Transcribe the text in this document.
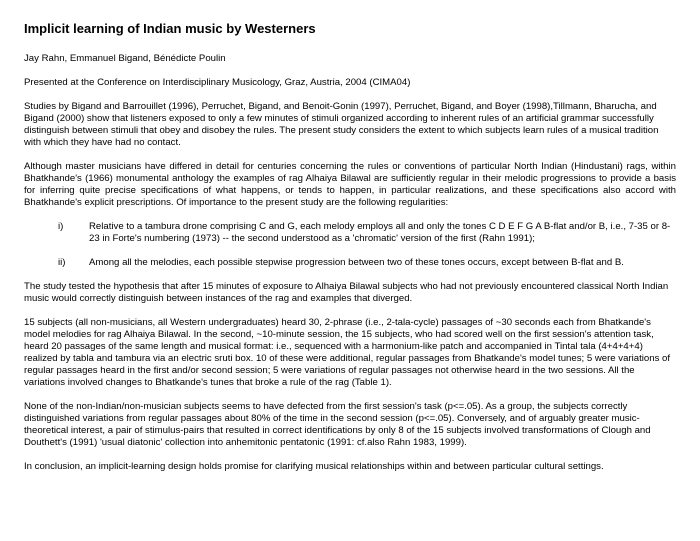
Implicit learning of Indian music by Westerners

Jay Rahn, Emmanuel Bigand, Bénédicte Poulin

Presented at the Conference on Interdisciplinary Musicology, Graz, Austria, 2004 (CIMA04)

Studies by Bigand and Barrouillet (1996), Perruchet, Bigand, and Benoit-Gonin (1997), Perruchet, Bigand, and Boyer (1998),Tillmann, Bharucha, and Bigand (2000) show that listeners exposed to only a few minutes of stimuli organized according to inherent rules of an artificial grammar successfully distinguish between stimuli that obey and disobey the rules. The present study considers the extent to which subjects learn rules of a musical tradition with which they have had no contact.

Although master musicians have differed in detail for centuries concerning the rules or conventions of particular North Indian (Hindustani) rags, within Bhatkhande's (1966) monumental anthology the examples of rag Alhaiya Bilawal are sufficiently regular in their melodic progressions to provide a basis for inferring quite precise specifications of what happens, or tends to happen, in particular realizations, and these specifications also accord with Bhatkhande's explicit prescriptions. Of importance to the present study are the following regularities:

i)	Relative to a tambura drone comprising C and G, each melody employs all and only the tones C D E F G A B-flat and/or B, i.e., 7-35 or 8-23 in Forte's numbering (1973) -- the second understood as a 'chromatic' version of the first (Rahn 1991);
ii)	Among all the melodies, each possible stepwise progression between two of these tones occurs, except between B-flat and B.

The study tested the hypothesis that after 15 minutes of exposure to Alhaiya Bilawal subjects who had not previously encountered classical North Indian music would correctly distinguish between instances of the rag and examples that diverged.

15 subjects (all non-musicians, all Western undergraduates) heard 30, 2-phrase (i.e., 2-tala-cycle) passages of ~30 seconds each from Bhatkande's model melodies for rag Alhaiya Bilawal. In the second, ~10-minute session, the 15 subjects, who had scored well on the first session's attention task, heard 20 passages of the same length and musical format: i.e., sequenced with a harmonium-like patch and accompanied in Tintal tala (4+4+4+4) realized by tabla and tambura via an electric sruti box. 10 of these were additional, regular passages from Bhatkande's model tunes; 5 were variations of regular passages heard in the first and/or second session; 5 were variations of regular passages not otherwise heard in the two sessions. All the variations involved changes to Bhatkande's tunes that broke a rule of the rag (Table 1).

None of the non-Indian/non-musician subjects seems to have defected from the first session's task (p<=.05). As a group, the subjects correctly distinguished variations from regular passages about 80% of the time in the second session (p<=.05). Conversely, and of arguably greater music-theoretical interest, a pair of stimulus-pairs that resulted in correct identifications by only 8 of the 15 subjects involved transformations of Clough and Douthett's (1991) 'usual diatonic' collection into anhemitonic pentatonic (1991: cf.also Rahn 1983, 1999).

In conclusion, an implicit-learning design holds promise for clarifying musical relationships within and between particular cultural settings.
